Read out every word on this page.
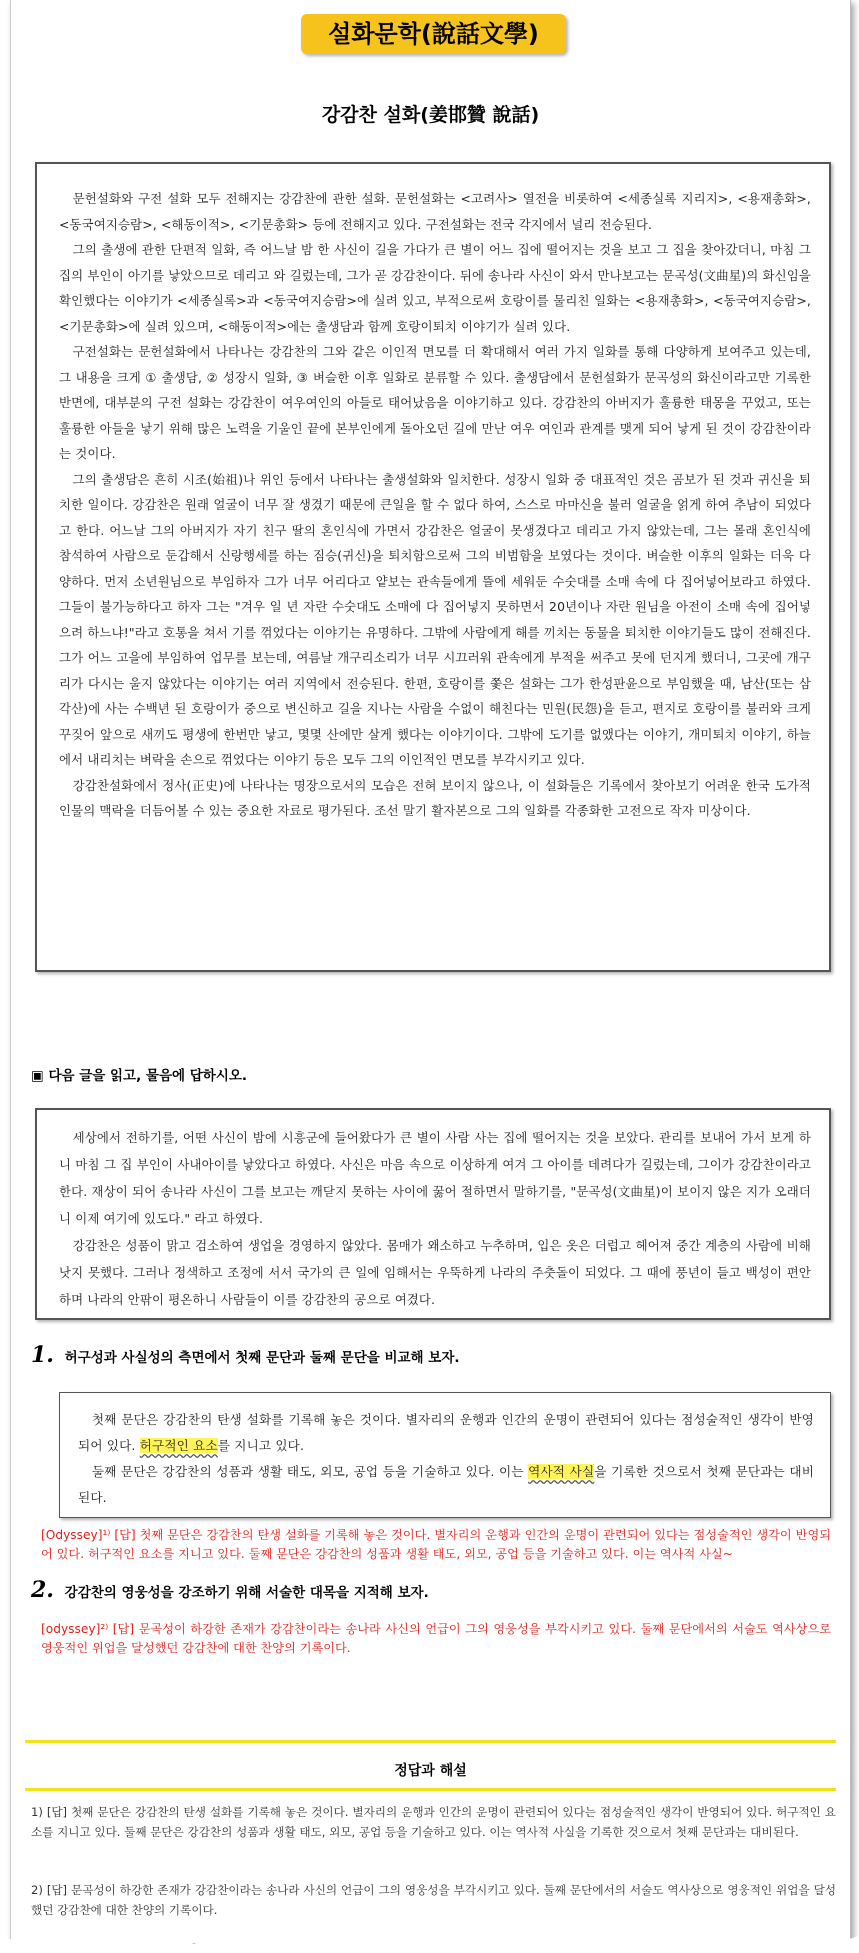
설화문학(說話文學)
강감찬 설화(姜邯贊 說話)

문헌설화와 구전 설화 모두 전해지는 강감찬에 관한 설화. 문헌설화는 <고려사> 열전을 비롯하여 <세종실록 지리지>, <용재총화>, <동국여지승람>, <해동이적>, <기문총화> 등에 전해지고 있다. 구전설화는 전국 각지에서 널리 전승된다.

그의 출생에 관한 단편적 일화, 즉 어느날 밤 한 사신이 길을 가다가 큰 별이 어느 집에 떨어지는 것을 보고 그 집을 찾아갔더니, 마침 그 집의 부인이 아기를 낳았으므로 데리고 와 길렀는데, 그가 곧 강감찬이다. 뒤에 송나라 사신이 와서 만나보고는 문곡성(文曲星)의 화신임을 확인했다는 이야기가 <세종실록>과 <동국여지승람>에 실려 있고, 부적으로써 호랑이를 물리친 일화는 <용재총화>, <동국여지승람>, <기문총화>에 실려 있으며, <해동이적>에는 출생담과 함께 호랑이퇴치 이야기가 실려 있다.

구전설화는 문헌설화에서 나타나는 강감찬의 그와 같은 이인적 면모를 더 확대해서 여러 가지 일화를 통해 다양하게 보여주고 있는데, 그 내용을 크게 ① 출생담, ② 성장시 일화, ③ 벼슬한 이후 일화로 분류할 수 있다. 출생담에서 문헌설화가 문곡성의 화신이라고만 기록한 반면에, 대부분의 구전 설화는 강감찬이 여우여인의 아들로 태어났음을 이야기하고 있다. 강감찬의 아버지가 훌륭한 태몽을 꾸었고, 또는 훌륭한 아들을 낳기 위해 많은 노력을 기울인 끝에 본부인에게 돌아오던 길에 만난 여우 여인과 관계를 맺게 되어 낳게 된 것이 강감찬이라는 것이다.

그의 출생담은 흔히 시조(始祖)나 위인 등에서 나타나는 출생설화와 일치한다. 성장시 일화 중 대표적인 것은 곰보가 된 것과 귀신을 퇴치한 일이다. 강감찬은 원래 얼굴이 너무 잘 생겼기 때문에 큰일을 할 수 없다 하여, 스스로 마마신을 불러 얼굴을 얽게 하여 추남이 되었다고 한다. 어느날 그의 아버지가 자기 친구 딸의 혼인식에 가면서 강감찬은 얼굴이 못생겼다고 데리고 가지 않았는데, 그는 몰래 혼인식에 참석하여 사람으로 둔갑해서 신랑행세를 하는 짐승(귀신)을 퇴치함으로써 그의 비범함을 보였다는 것이다. 벼슬한 이후의 일화는 더욱 다양하다. 먼저 소년원님으로 부임하자 그가 너무 어리다고 얕보는 관속들에게 뜰에 세워둔 수숫대를 소매 속에 다 집어넣어보라고 하였다. 그들이 불가능하다고 하자 그는 "겨우 일 년 자란 수숫대도 소매에 다 집어넣지 못하면서 20년이나 자란 원님을 아전이 소매 속에 집어넣으려 하느냐!"라고 호통을 쳐서 기를 꺾었다는 이야기는 유명하다. 그밖에 사람에게 해를 끼치는 동물을 퇴치한 이야기들도 많이 전해진다. 그가 어느 고을에 부임하여 업무를 보는데, 여름날 개구리소리가 너무 시끄러워 관속에게 부적을 써주고 못에 던지게 했더니, 그곳에 개구리가 다시는 울지 않았다는 이야기는 여러 지역에서 전승된다. 한편, 호랑이를 쫓은 설화는 그가 한성판윤으로 부임했을 때, 남산(또는 삼각산)에 사는 수백년 된 호랑이가 중으로 변신하고 길을 지나는 사람을 수없이 해친다는 민원(民怨)을 듣고, 편지로 호랑이를 불러와 크게 꾸짖어 앞으로 새끼도 평생에 한번만 낳고, 몇몇 산에만 살게 했다는 이야기이다. 그밖에 도기를 없앴다는 이야기, 개미퇴치 이야기, 하늘에서 내리치는 벼락을 손으로 꺾었다는 이야기 등은 모두 그의 이인적인 면모를 부각시키고 있다.

강감찬설화에서 정사(正史)에 나타나는 명장으로서의 모습은 전혀 보이지 않으나, 이 설화들은 기록에서 찾아보기 어려운 한국 도가적 인물의 맥락을 더듬어볼 수 있는 중요한 자료로 평가된다. 조선 말기 활자본으로 그의 일화를 각종화한 고전으로 작자 미상이다.

▣ 다음 글을 읽고, 물음에 답하시오.

세상에서 전하기를, 어떤 사신이 밤에 시흥군에 들어왔다가 큰 별이 사람 사는 집에 떨어지는 것을 보았다. 관리를 보내어 가서 보게 하니 마침 그 집 부인이 사내아이를 낳았다고 하였다. 사신은 마음 속으로 이상하게 여겨 그 아이를 데려다가 길렀는데, 그이가 강감찬이라고 한다. 재상이 되어 송나라 사신이 그를 보고는 깨닫지 못하는 사이에 꿇어 절하면서 말하기를, "문곡성(文曲星)이 보이지 않은 지가 오래더니 이제 여기에 있도다." 라고 하였다.

강감찬은 성품이 맑고 검소하여 생업을 경영하지 않았다. 몸매가 왜소하고 누추하며, 입은 옷은 더럽고 헤어져 중간 계층의 사람에 비해 낫지 못했다. 그러나 정색하고 조정에 서서 국가의 큰 일에 임해서는 우뚝하게 나라의 주춧돌이 되었다. 그 때에 풍년이 들고 백성이 편안하며 나라의 안팎이 평온하니 사람들이 이를 강감찬의 공으로 여겼다.

1. 허구성과 사실성의 측면에서 첫째 문단과 둘째 문단을 비교해 보자.

첫째 문단은 강감찬의 탄생 설화를 기록해 놓은 것이다. 별자리의 운행과 인간의 운명이 관련되어 있다는 점성술적인 생각이 반영되어 있다. 허구적인 요소를 지니고 있다.

둘째 문단은 강감찬의 성품과 생활 태도, 외모, 공업 등을 기술하고 있다. 이는 역사적 사실을 기록한 것으로서 첫째 문단과는 대비된다.

[Odyssey]¹⁾ [답] 첫째 문단은 강감찬의 탄생 설화를 기록해 놓은 것이다. 별자리의 운행과 인간의 운명이 관련되어 있다는 점성술적인 생각이 반영되어 있다. 허구적인 요소를 지니고 있다. 둘째 문단은 강감찬의 성품과 생활 태도, 외모, 공업 등을 기술하고 있다. 이는 역사적 사실~
2. 강감찬의 영웅성을 강조하기 위해 서술한 대목을 지적해 보자.
[odyssey]²⁾ [답] 문곡성이 하강한 존재가 강감찬이라는 송나라 사신의 언급이 그의 영웅성을 부각시키고 있다. 둘째 문단에서의 서술도 역사상으로 영웅적인 위업을 달성했던 강감찬에 대한 찬양의 기록이다.
정답과 해설
1) [답] 첫째 문단은 강감찬의 탄생 설화를 기록해 놓은 것이다. 별자리의 운행과 인간의 운명이 관련되어 있다는 점성술적인 생각이 반영되어 있다. 허구적인 요소를 지니고 있다. 둘째 문단은 강감찬의 성품과 생활 태도, 외모, 공업 등을 기술하고 있다. 이는 역사적 사실을 기록한 것으로서 첫째 문단과는 대비된다.
2) [답] 문곡성이 하강한 존재가 강감찬이라는 송나라 사신의 언급이 그의 영웅성을 부각시키고 있다. 둘째 문단에서의 서술도 역사상으로 영웅적인 위업을 달성했던 강감찬에 대한 찬양의 기록이다.
